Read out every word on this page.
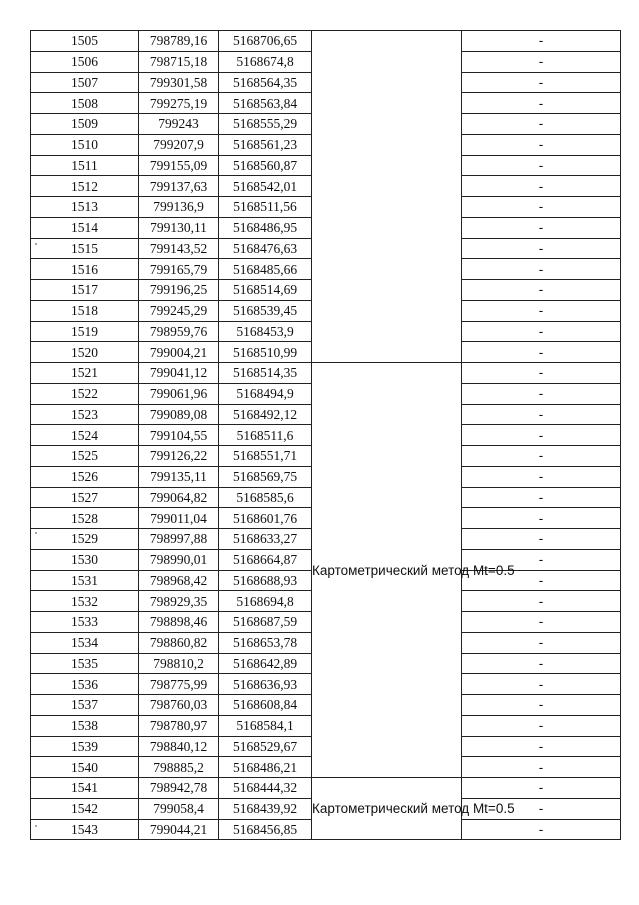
1505	798789,16	5168706,65		-
1506	798715,18	5168674,8		-
1507	799301,58	5168564,35		-
1508	799275,19	5168563,84		-
1509	799243	5168555,29		-
1510	799207,9	5168561,23		-
1511	799155,09	5168560,87		-
1512	799137,63	5168542,01		-
1513	799136,9	5168511,56		-
1514	799130,11	5168486,95		-
1515	799143,52	5168476,63		-
1516	799165,79	5168485,66		-
1517	799196,25	5168514,69		-
1518	799245,29	5168539,45		-
1519	798959,76	5168453,9		-
1520	799004,21	5168510,99		-
1521	799041,12	5168514,35	Картометрический метод Mt=0.5	-
1522	799061,96	5168494,9		-
1523	799089,08	5168492,12		-
1524	799104,55	5168511,6		-
1525	799126,22	5168551,71		-
1526	799135,11	5168569,75		-
1527	799064,82	5168585,6		-
1528	799011,04	5168601,76		-
1529	798997,88	5168633,27		-
1530	798990,01	5168664,87		-
1531	798968,42	5168688,93		-
1532	798929,35	5168694,8		-
1533	798898,46	5168687,59		-
1534	798860,82	5168653,78		-
1535	798810,2	5168642,89		-
1536	798775,99	5168636,93		-
1537	798760,03	5168608,84		-
1538	798780,97	5168584,1		-
1539	798840,12	5168529,67		-
1540	798885,2	5168486,21		-
1541	798942,78	5168444,32	Картометрический метод Mt=0.5	-
1542	799058,4	5168439,92		-
1543	799044,21	5168456,85		-
